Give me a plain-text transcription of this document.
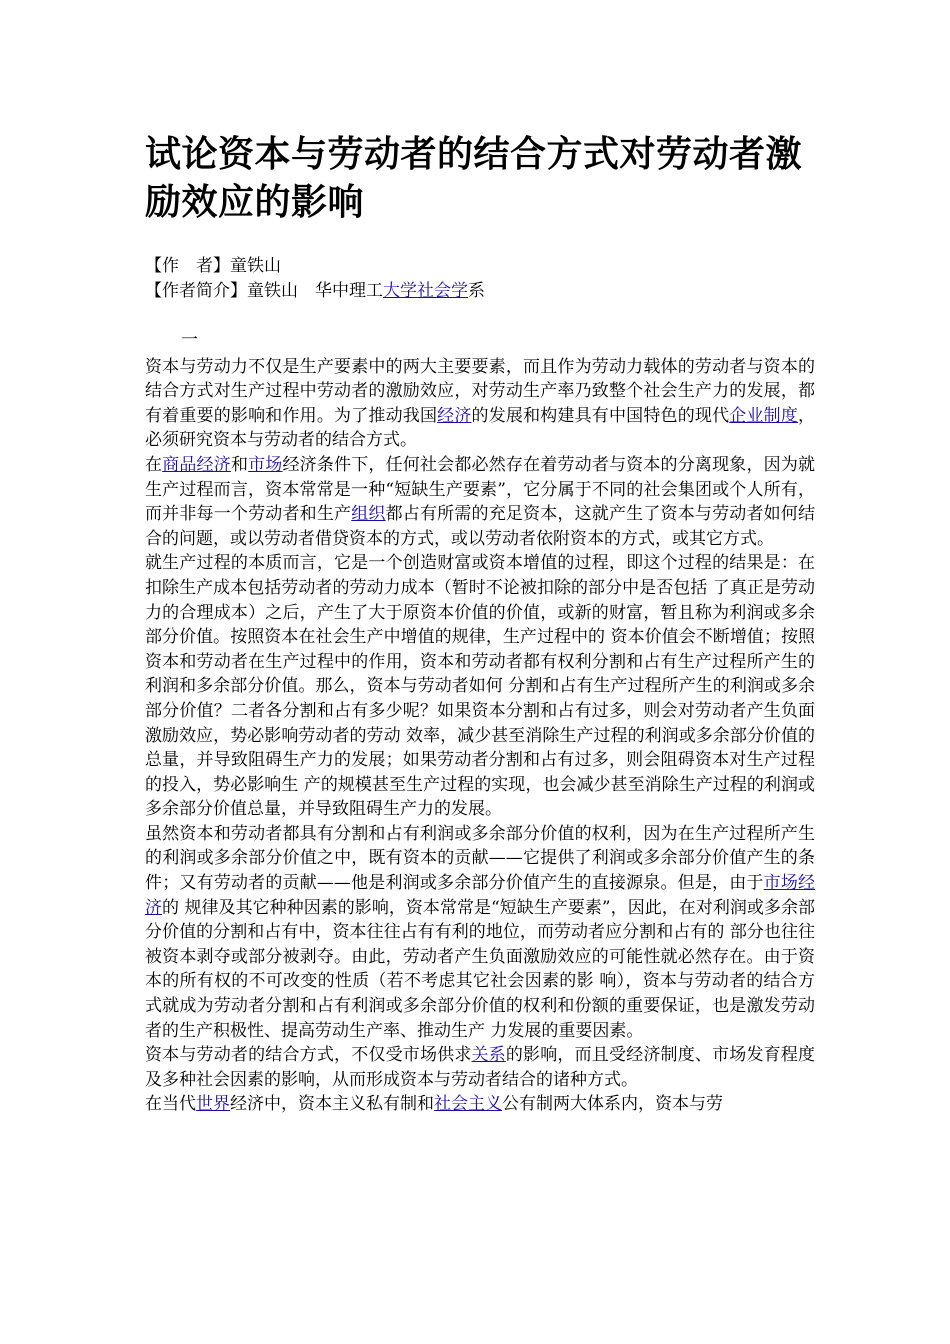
试论资本与劳动者的结合方式对劳动者激励效应的影响
【作　者】童铁山
【作者简介】童铁山　华中理工大学社会学系
一

资本与劳动力不仅是生产要素中的两大主要要素，而且作为劳动力载体的劳动者与资本的结合方式对生产过程中劳动者的激励效应，对劳动生产率乃致整个社会生产力的发展，都有着重要的影响和作用。为了推动我国经济的发展和构建具有中国特色的现代企业制度，必须研究资本与劳动者的结合方式。

在商品经济和市场经济条件下，任何社会都必然存在着劳动者与资本的分离现象，因为就生产过程而言，资本常常是一种“短缺生产要素”，它分属于不同的社会集团或个人所有，而并非每一个劳动者和生产组织都占有所需的充足资本，这就产生了资本与劳动者如何结合的问题，或以劳动者借贷资本的方式，或以劳动者依附资本的方式，或其它方式。

就生产过程的本质而言，它是一个创造财富或资本增值的过程，即这个过程的结果是：在扣除生产成本包括劳动者的劳动力成本（暂时不论被扣除的部分中是否包括 了真正是劳动力的合理成本）之后，产生了大于原资本价值的价值，或新的财富，暂且称为利润或多余部分价值。按照资本在社会生产中增值的规律，生产过程中的 资本价值会不断增值；按照资本和劳动者在生产过程中的作用，资本和劳动者都有权利分割和占有生产过程所产生的利润和多余部分价值。那么，资本与劳动者如何 分割和占有生产过程所产生的利润或多余部分价值？二者各分割和占有多少呢？如果资本分割和占有过多，则会对劳动者产生负面激励效应，势必影响劳动者的劳动 效率，减少甚至消除生产过程的利润或多余部分价值的总量，并导致阻碍生产力的发展；如果劳动者分割和占有过多，则会阻碍资本对生产过程的投入，势必影响生 产的规模甚至生产过程的实现，也会减少甚至消除生产过程的利润或多余部分价值总量，并导致阻碍生产力的发展。

虽然资本和劳动者都具有分割和占有利润或多余部分价值的权利，因为在生产过程所产生的利润或多余部分价值之中，既有资本的贡献——它提供了利润或多余部分价值产生的条件；又有劳动者的贡献——他是利润或多余部分价值产生的直接源泉。但是，由于市场经济的 规律及其它种种因素的影响，资本常常是“短缺生产要素”，因此，在对利润或多余部分价值的分割和占有中，资本往往占有有利的地位，而劳动者应分割和占有的 部分也往往被资本剥夺或部分被剥夺。由此，劳动者产生负面激励效应的可能性就必然存在。由于资本的所有权的不可改变的性质（若不考虑其它社会因素的影 响），资本与劳动者的结合方式就成为劳动者分割和占有利润或多余部分价值的权利和份额的重要保证，也是激发劳动者的生产积极性、提高劳动生产率、推动生产 力发展的重要因素。

资本与劳动者的结合方式，不仅受市场供求关系的影响，而且受经济制度、市场发育程度及多种社会因素的影响，从而形成资本与劳动者结合的诸种方式。

在当代世界经济中，资本主义私有制和社会主义公有制两大体系内，资本与劳
